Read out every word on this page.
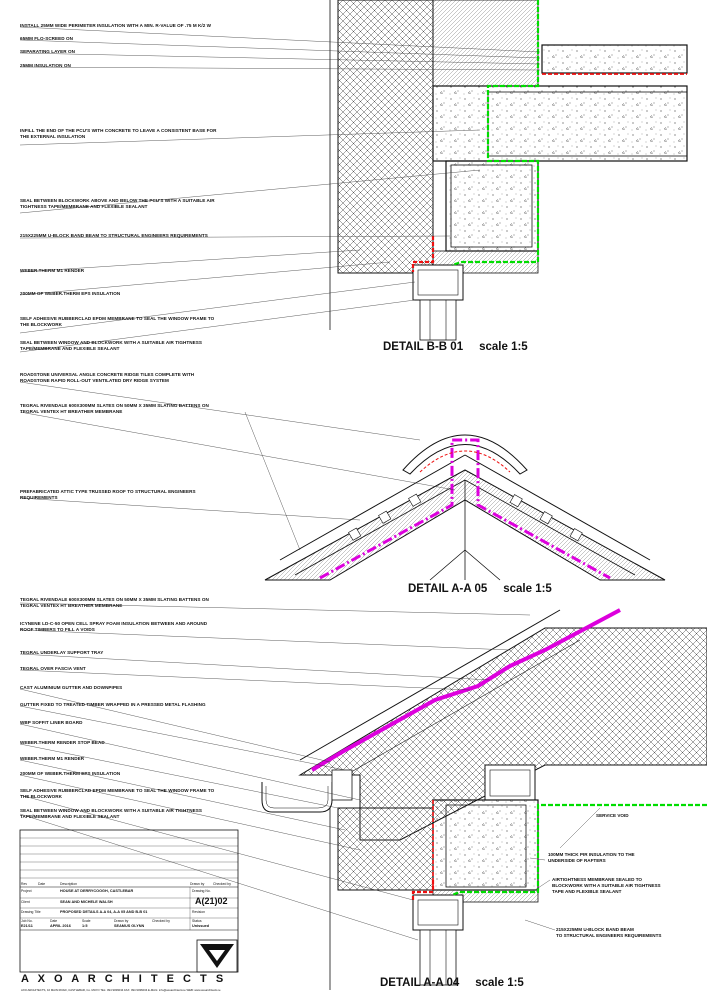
INSTALL 25MM WIDE PERIMETER INSULATION WITH A MIN. R-VALUE OF .75 M K/2 W
65MM FLO-SCREED ON
SEPARATING LAYER ON
25MM INSULATION ON
INFILL THE END OF THE PCU'S WITH CONCRETE TO LEAVE A CONSISTENT BASE FOR
THE EXTERNAL INSULATION
SEAL BETWEEN BLOCKWORK ABOVE AND BELOW THE PCU'S WITH A SUITABLE AIR
TIGHTNESS TAPE/MEMBRANE AND FLEXIBLE SEALANT
215X225MM U-BLOCK BAND BEAM TO STRUCTURAL ENGINEERS REQUIREMENTS
WEBER.THERM M1 RENDER
200MM OF WEBER.THERM EPS INSULATION
SELF ADHESIVE RUBBERCLAD EPDM MEMBRANE TO SEAL THE WINDOW FRAME TO
THE BLOCKWORK
SEAL BETWEEN WINDOW AND BLOCKWORK WITH A SUITABLE AIR TIGHTNESS
TAPE/MEMBRANE AND FLEXIBLE SEALANT	DETAIL B-B 01 scale 1:5
ROADSTONE UNIVERSAL ANGLE CONCRETE RIDGE TILES COMPLETE WITH
ROADSTONE RAPID ROLL-OUT VENTILATED DRY RIDGE SYSTEM
TEGRAL RIVENDALE 600X300MM SLATES ON 50MM X 35MM SLATING BATTENS ON
TEGRAL VENTEX HT BREATHER MEMBRANE
PREFABRICATED ATTIC TYPE TRUSSED ROOF TO STRUCTURAL ENGINEERS
REQUIREMENTS
DETAIL A-A 05 scale 1:5
TEGRAL RIVENDALE 600X300MM SLATES ON 50MM X 35MM SLATING BATTENS ON
TEGRAL VENTEX HT BREATHER MEMBRANE
ICYNENE LD-C-50 OPEN CELL SPRAY FOAM INSULATION BETWEEN AND AROUND
ROOF TIMBERS TO FILL A VOIDS
TEGRAL UNDERLAY SUPPORT TRAY
TEGRAL OVER FASCIA VENT
CAST ALUMINIUM GUTTER AND DOWNPIPES
GUTTER FIXED TO TREATED TIMBER WRAPPED IN A PRESSED METAL FLASHING
WBP SOFFIT LINER BOARD
WEBER.THERM RENDER STOP BEAD
WEBER.THERM M1 RENDER
200MM OF WEBER.THERM EPS INSULATION
SELF ADHESIVE RUBBERCLAD EPDM MEMBRANE TO SEAL THE WINDOW FRAME TO
THE BLOCKWORK
SEAL BETWEEN WINDOW AND BLOCKWORK WITH A SUITABLE AIR TIGHTNESS
TAPE/MEMBRANE AND FLEXIBLE SEALANT	SERVICE VOID
100MM THICK PIR INSULATION TO THE
UNDERSIDE OF RAFTERS
AIRTIGHTNESS MEMBRANE SEALED TO
BLOCKWORK WITH A SUITABLE AIR TIGHTNESS
TAPE AND FLEXIBLE SEALANT
215X225MM U-BLOCK BAND BEAM
TO STRUCTURAL ENGINEERS REQUIREMENTS
DETAIL A-A 04 scale 1:5
Rev	Date	Description	Drawn by	Checked by
Project	HOUSE AT DERRYCOOGH, CASTLEBAR	Drawing No.
A(21)02
Client	SEAN AND MICHELE WALSH
Drawing Title	PROPOSED DETAILS A-A 04, A-A 05 AND B-B 01	Revision
Job No.
E21/11
Date
APRIL 2016
Scale
1:5
Drawn by
SEAMUS GLYNN
Checked by	Status
Unissued
A X O A R C H I T E C T S
AXO ARCHITECTS, 10 MAIN ROAD, CASTLEBAR, Co. MAYO TEL: 094 9036034 FAX: 094 9036034 E-MAIL: info@axoarchitects.ie WEB: www.axoarchitects.ie
